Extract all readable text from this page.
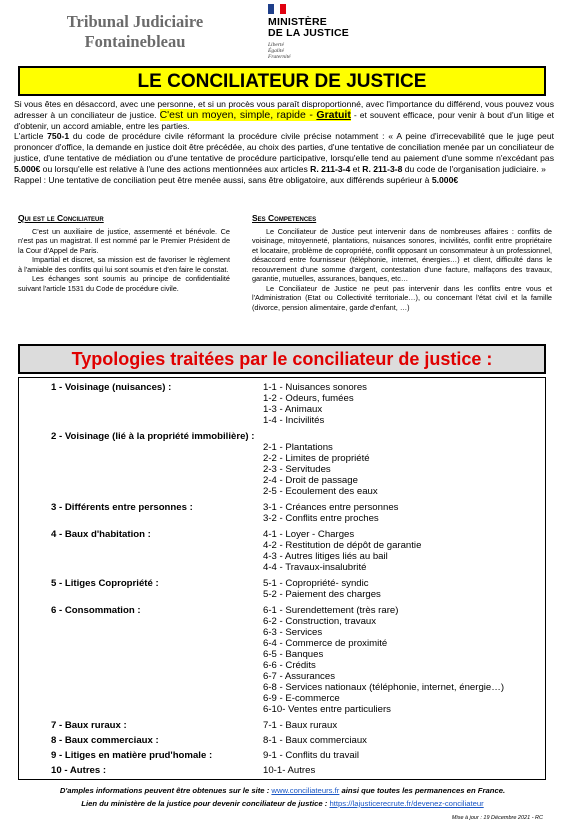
Tribunal Judiciaire
Fontainebleau
MINISTÈRE
DE LA JUSTICE
Liberté
Égalité
Fraternité
LE CONCILIATEUR DE JUSTICE

Si vous êtes en désaccord, avec une personne, et si un procès vous paraît disproportionné, avec l'importance du différend, vous pouvez vous adresser à un conciliateur de justice. C'est un moyen, simple, rapide - Gratuit - et souvent efficace, pour venir à bout d'un litige et d'obtenir, un accord amiable, entre les parties.

L'article 750-1 du code de procédure civile réformant la procédure civile précise notamment : « A peine d'irrecevabilité que le juge peut prononcer d'office, la demande en justice doit être précédée, au choix des parties, d'une tentative de conciliation menée par un conciliateur de justice, d'une tentative de médiation ou d'une tentative de procédure participative, lorsqu'elle tend au paiement d'une somme n'excédant pas 5.000€ ou lorsqu'elle est relative à l'une des actions mentionnées aux articles R. 211-3-4 et R. 211-3-8 du code de l'organisation judiciaire. »

Rappel : Une tentative de conciliation peut être menée aussi, sans être obligatoire, aux différends supérieur à 5.000€

Qui est le Conciliateur

C'est un auxiliaire de justice, assermenté et bénévole. Ce n'est pas un magistrat. Il est nommé par le Premier Président de la Cour d'Appel de Paris.

Impartial et discret, sa mission est de favoriser le règlement à l'amiable des conflits qui lui sont soumis et d'en faire le constat.

Les échanges sont soumis au principe de confidentialité suivant l'article 1531 du Code de procédure civile.

Ses Competences

Le Conciliateur de Justice peut intervenir dans de nombreuses affaires : conflits de voisinage, mitoyenneté, plantations, nuisances sonores, incivilités, conflit entre propriétaire et locataire, problème de copropriété, conflit opposant un consommateur à un professionnel, désaccord entre fournisseur (téléphonie, internet, énergies…) et client, difficulté dans le recouvrement d'une somme d'argent, contestation d'une facture, malfaçons des travaux, garantie, mutuelles, assurances, banques, etc…

Le Conciliateur de Justice ne peut pas intervenir dans les conflits entre vous et l'Administration (Etat ou Collectivité territoriale…), ou concernant l'état civil et la famille (divorce, pension alimentaire, garde d'enfant, …)

Typologies traitées par le conciliateur de justice :
1 - Voisinage (nuisances) :	1-1 - Nuisances sonores
1-2 - Odeurs, fumées
1-3 - Animaux
1-4 - Incivilités
2 - Voisinage (lié à la propriété immobilière) :
2-1 - Plantations
2-2 - Limites de propriété
2-3 - Servitudes
2-4 - Droit de passage
2-5 - Ecoulement des eaux
3 - Différents entre personnes :	3-1 - Créances entre personnes
3-2 - Conflits entre proches
4 - Baux d'habitation :	4-1 - Loyer - Charges
4-2 - Restitution de dépôt de garantie
4-3 - Autres litiges liés au bail
4-4 - Travaux-insalubrité
5 - Litiges Copropriété :	5-1 - Copropriété- syndic
5-2 - Paiement des charges
6 - Consommation :	6-1 - Surendettement (très rare)
6-2 - Construction, travaux
6-3 - Services
6-4 - Commerce de proximité
6-5 - Banques
6-6 - Crédits
6-7 - Assurances
6-8 - Services nationaux (téléphonie, internet, énergie…)
6-9 - E-commerce
6-10- Ventes entre particuliers
7 - Baux ruraux :	7-1 - Baux ruraux
8 - Baux commerciaux :	8-1 - Baux commerciaux
9 - Litiges en matière prud'homale :	9-1 - Conflits du travail
10 - Autres :	10-1- Autres
D'amples informations peuvent être obtenues sur le site : www.conciliateurs.fr ainsi que toutes les permanences en France.
Lien du ministère de la justice pour devenir conciliateur de justice : https://lajusticerecrute.fr/devenez-conciliateur
Mise à jour : 19 Décembre 2021 - RC
